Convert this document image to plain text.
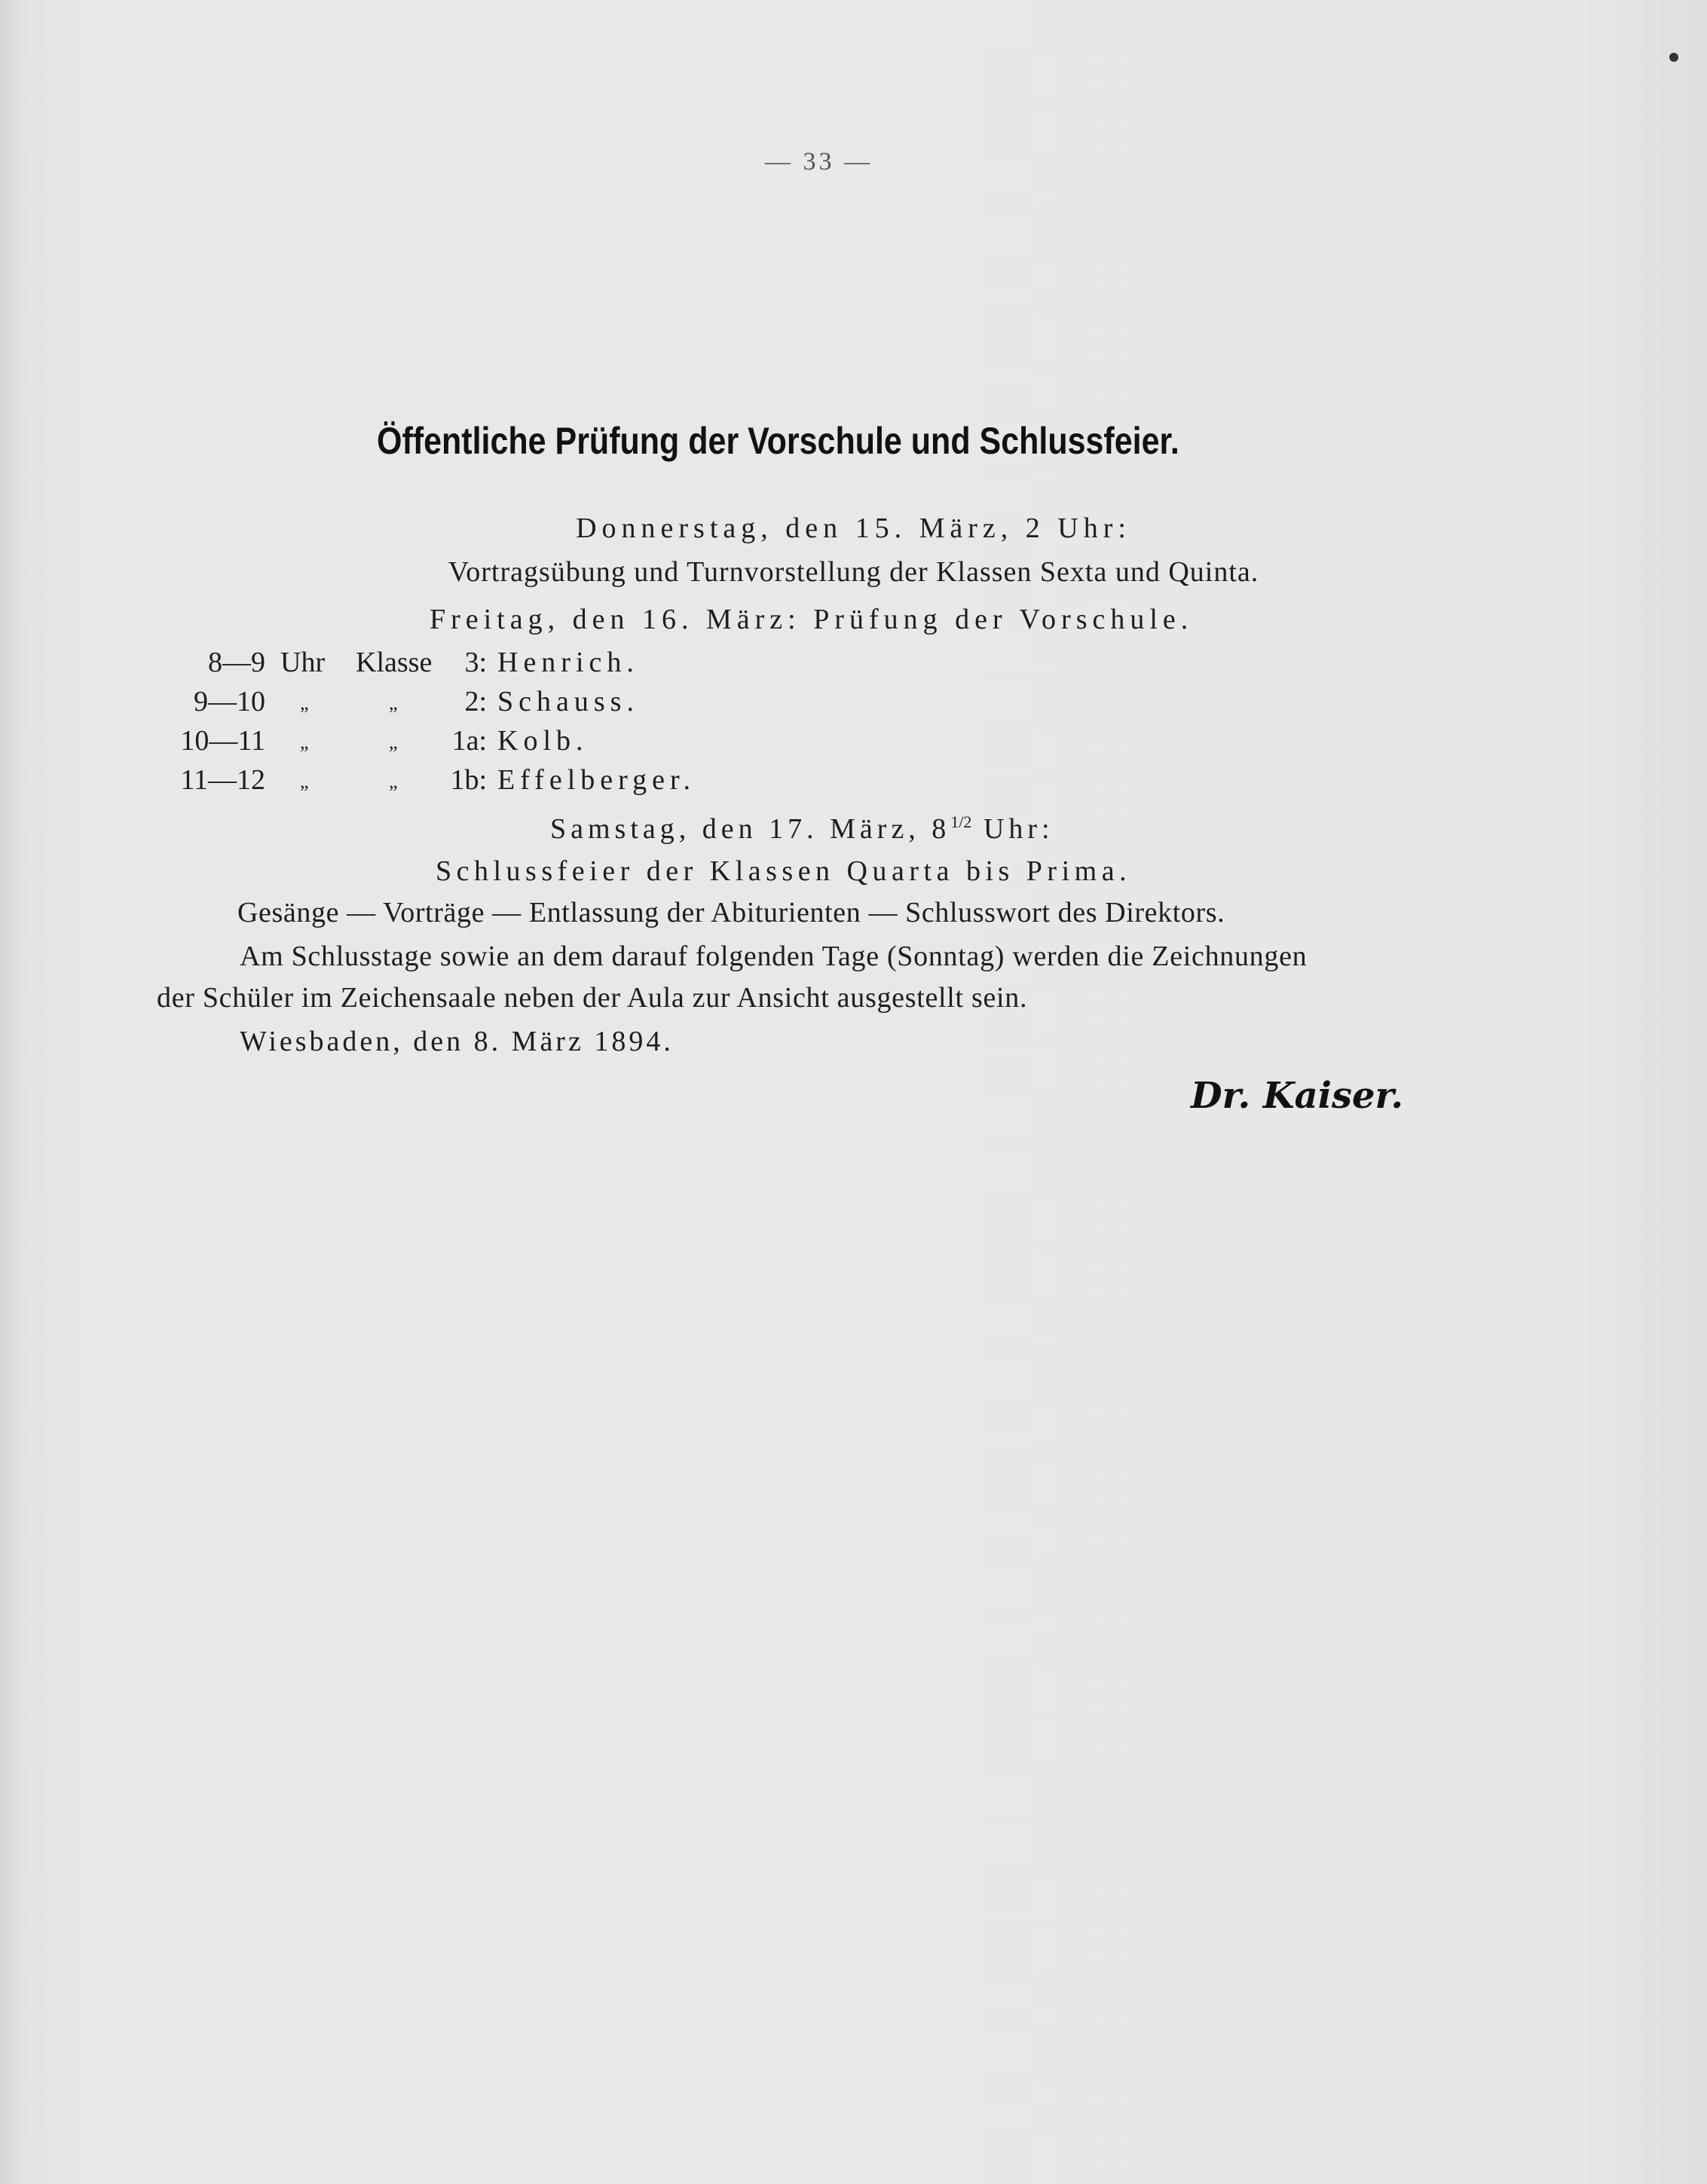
— 33 —
Öffentliche Prüfung der Vorschule und Schlussfeier.
Donnerstag, den 15. März, 2 Uhr:
Vortragsübung und Turnvorstellung der Klassen Sexta und Quinta.
Freitag, den 16. März: Prüfung der Vorschule.
8—9 Uhr Klasse	3: Henrich.
9—10 „	„	2: Schauss.
10—11 „	„	1a: Kolb.
11—12 „	„	1b: Effelberger.
Samstag, den 17. März, $8^{1/2}$ Uhr:
Schlussfeier der Klassen Quarta bis Prima.
Gesänge — Vorträge — Entlassung der Abiturienten — Schlusswort des Direktors.
Am Schlusstage sowie an dem darauf folgenden Tage (Sonntag) werden die Zeichnungen
der Schüler im Zeichensaale neben der Aula zur Ansicht ausgestellt sein.
Wiesbaden, den 8. März 1894.
Dr. Kaiser.
